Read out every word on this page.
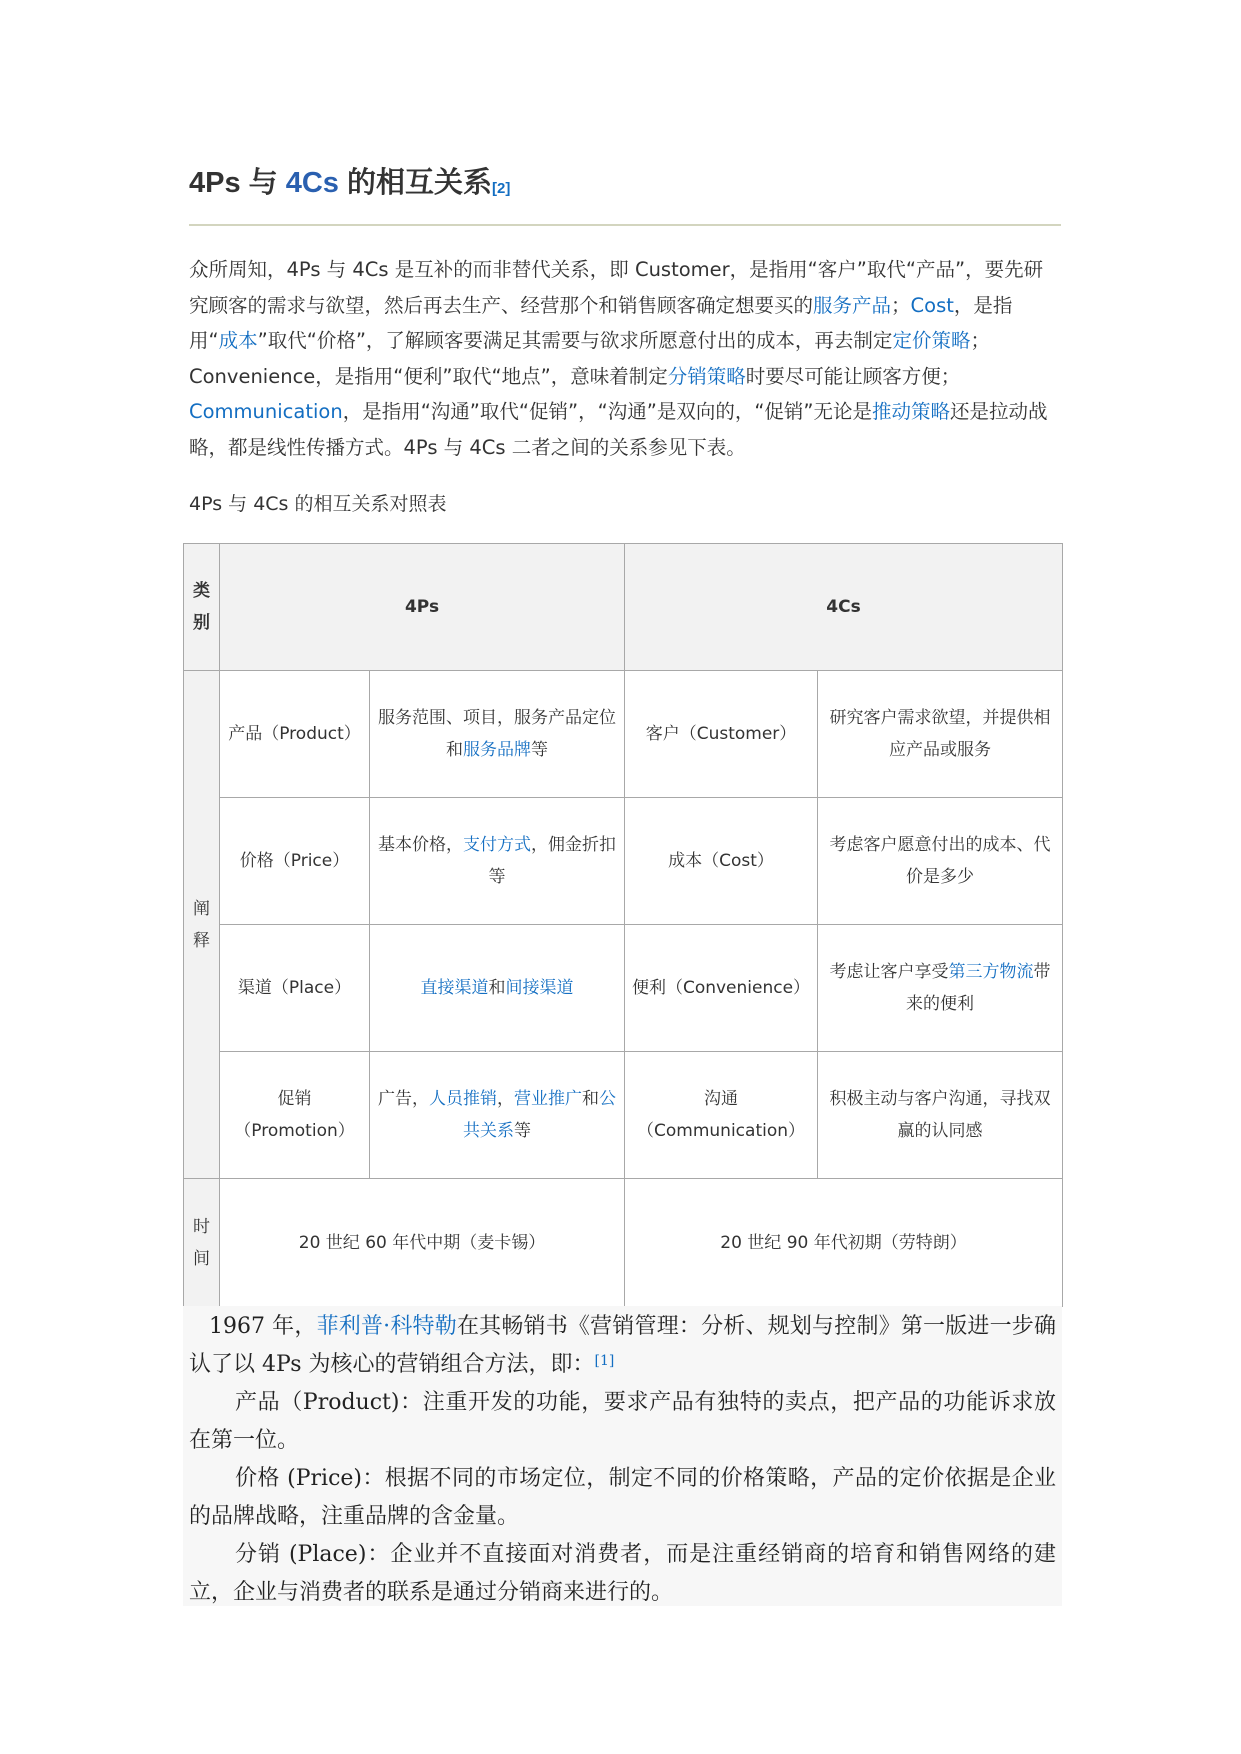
4Ps 与 4Cs 的相互关系[2]

众所周知，4Ps 与 4Cs 是互补的而非替代关系，即 Customer，是指用“客户”取代“产品”，要先研究顾客的需求与欲望，然后再去生产、经营那个和销售顾客确定想要买的服务产品；Cost，是指用“成本”取代“价格”，了解顾客要满足其需要与欲求所愿意付出的成本，再去制定定价策略；Convenience，是指用“便利”取代“地点”，意味着制定分销策略时要尽可能让顾客方便；Communication，是指用“沟通”取代“促销”，“沟通”是双向的，“促销”无论是推动策略还是拉动战略，都是线性传播方式。4Ps 与 4Cs 二者之间的关系参见下表。

4Ps 与 4Cs 的相互关系对照表
类
别	4Ps		4Cs	

阐
释	产品（Product）	服务范围、项目，服务产品定位和服务品牌等	客户（Customer）	研究客户需求欲望，并提供相应产品或服务
	价格（Price）	基本价格，支付方式，佣金折扣等	成本（Cost）	考虑客户愿意付出的成本、代价是多少
	渠道（Place）	直接渠道和间接渠道	便利（Convenience）	考虑让客户享受第三方物流带来的便利
	促销（Promotion）	广告，人员推销，营业推广和公共关系等	沟通（Communication）	积极主动与客户沟通，寻找双赢的认同感

时
间	20 世纪 60 年代中期（麦卡锡）		20 世纪 90 年代初期（劳特朗）	

1967 年，菲利普·科特勒在其畅销书《营销管理：分析、规划与控制》第一版进一步确认了以 4Ps 为核心的营销组合方法，即：[1]

产品（Product)：注重开发的功能，要求产品有独特的卖点，把产品的功能诉求放在第一位。

价格 (Price)：根据不同的市场定位，制定不同的价格策略，产品的定价依据是企业的品牌战略，注重品牌的含金量。

分销 (Place)：企业并不直接面对消费者，而是注重经销商的培育和销售网络的建立，企业与消费者的联系是通过分销商来进行的。
